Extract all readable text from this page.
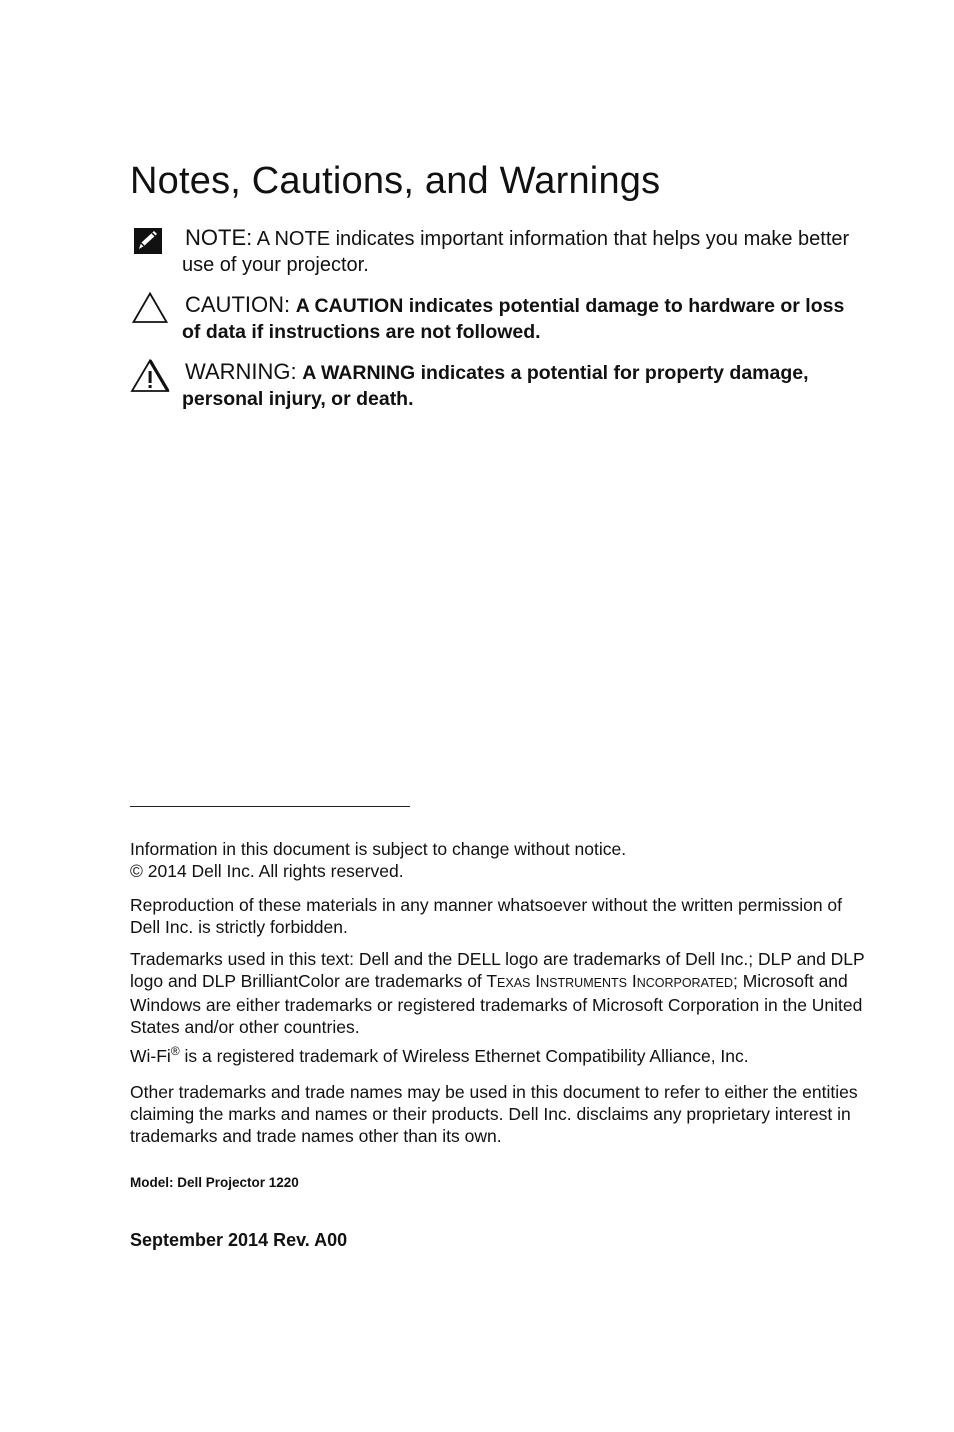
Notes, Cautions, and Warnings
NOTE: A NOTE indicates important information that helps you make better use of your projector.
CAUTION: A CAUTION indicates potential damage to hardware or loss of data if instructions are not followed.
WARNING: A WARNING indicates a potential for property damage, personal injury, or death.

Information in this document is subject to change without notice.
© 2014 Dell Inc. All rights reserved.

Reproduction of these materials in any manner whatsoever without the written permission of Dell Inc. is strictly forbidden.

Trademarks used in this text: Dell and the DELL logo are trademarks of Dell Inc.; DLP and DLP logo and DLP BrilliantColor are trademarks of TEXAS INSTRUMENTS INCORPORATED; Microsoft and Windows are either trademarks or registered trademarks of Microsoft Corporation in the United States and/or other countries.

Wi-Fi® is a registered trademark of Wireless Ethernet Compatibility Alliance, Inc.

Other trademarks and trade names may be used in this document to refer to either the entities claiming the marks and names or their products. Dell Inc. disclaims any proprietary interest in trademarks and trade names other than its own.

Model: Dell Projector 1220

September 2014 Rev. A00
